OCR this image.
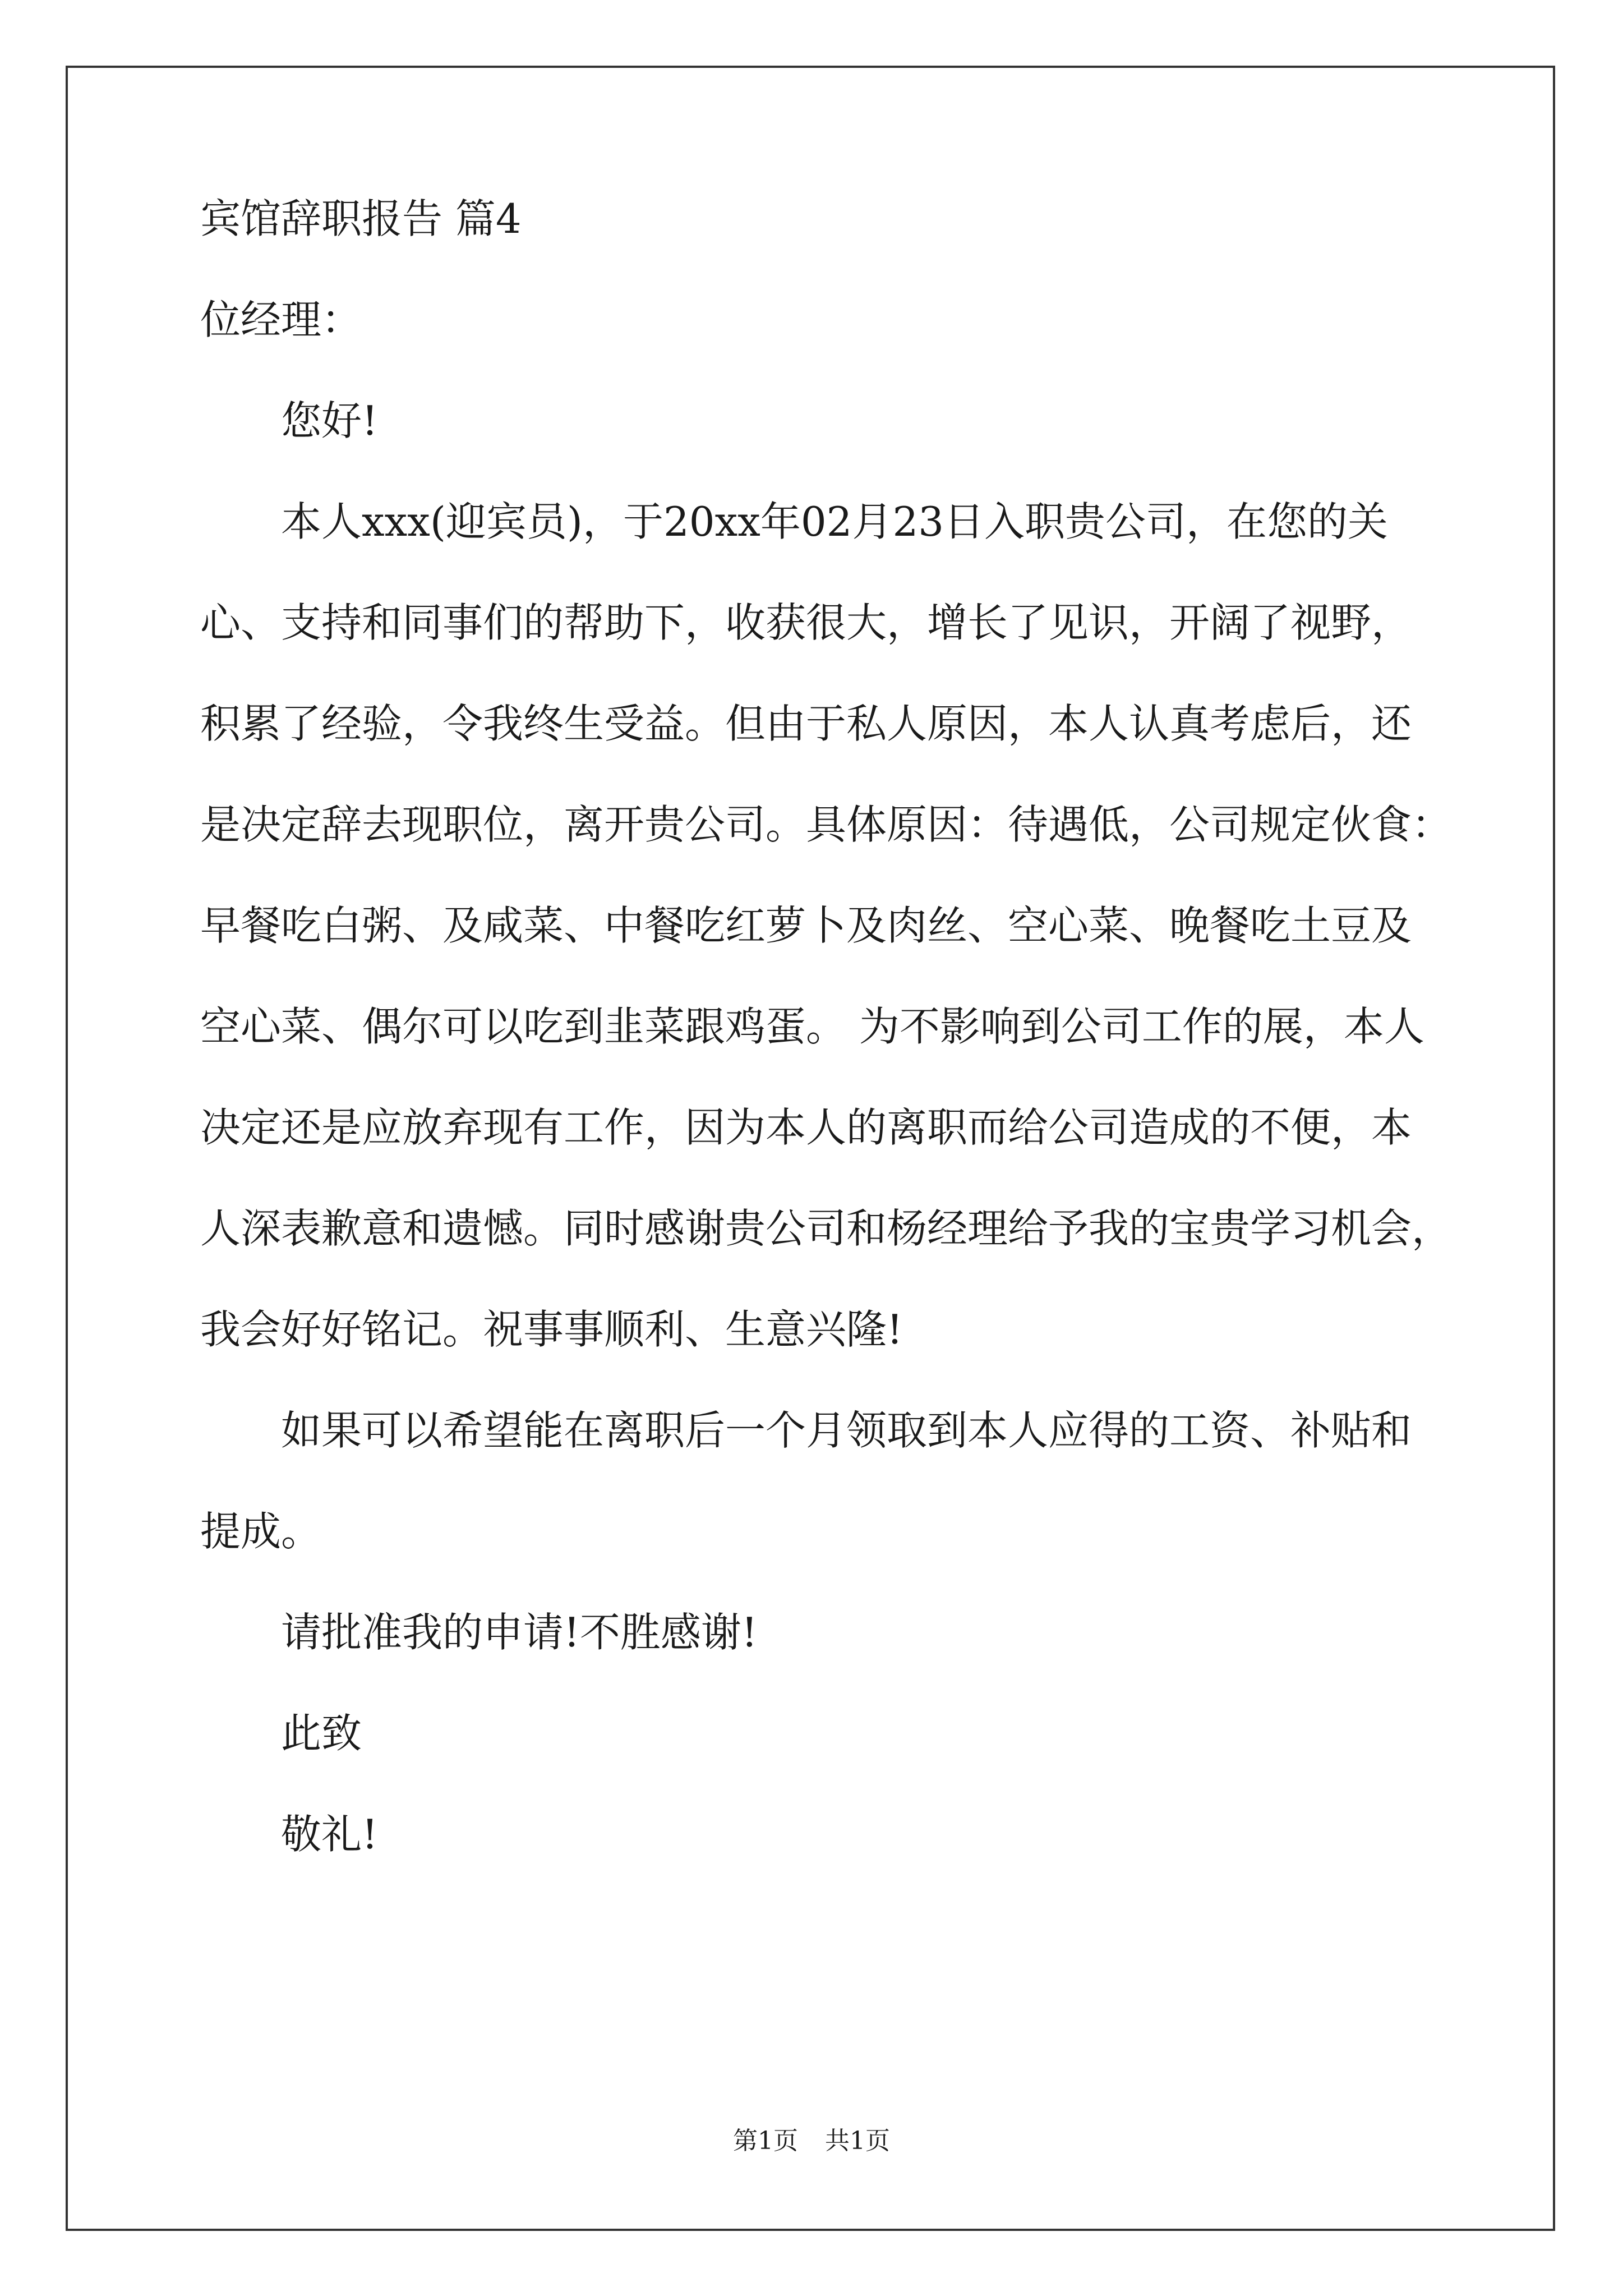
宾馆辞职报告 篇4
位经理：
您好!
本人xxx(迎宾员)，于20xx年02月23日入职贵公司，在您的关
心、支持和同事们的帮助下，收获很大，增长了见识，开阔了视野，
积累了经验，令我终生受益。但由于私人原因，本人认真考虑后，还
是决定辞去现职位，离开贵公司。具体原因：待遇低，公司规定伙食：
早餐吃白粥、及咸菜、中餐吃红萝卜及肉丝、空心菜、晚餐吃土豆及
空心菜、偶尔可以吃到韭菜跟鸡蛋。 为不影响到公司工作的展，本人
决定还是应放弃现有工作，因为本人的离职而给公司造成的不便，本
人深表歉意和遗憾。同时感谢贵公司和杨经理给予我的宝贵学习机会，
我会好好铭记。祝事事顺利、生意兴隆!
如果可以希望能在离职后一个月领取到本人应得的工资、补贴和
提成。
请批准我的申请!不胜感谢!
此致
敬礼!
第1页 共1页
